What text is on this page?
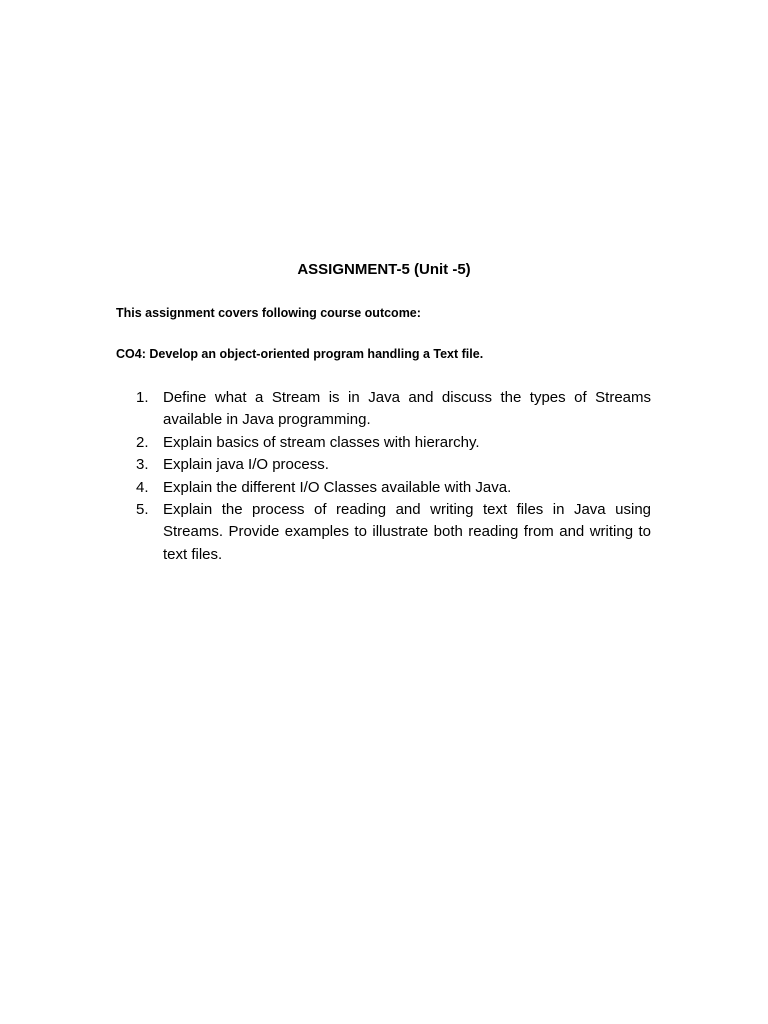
ASSIGNMENT-5 (Unit -5)

This assignment covers following course outcome:

CO4: Develop an object-oriented program handling a Text file.

1. Define what a Stream is in Java and discuss the types of Streams available in Java programming.
2. Explain basics of stream classes with hierarchy.
3. Explain java I/O process.
4. Explain the different I/O Classes available with Java.
5. Explain the process of reading and writing text files in Java using Streams. Provide examples to illustrate both reading from and writing to text files.
